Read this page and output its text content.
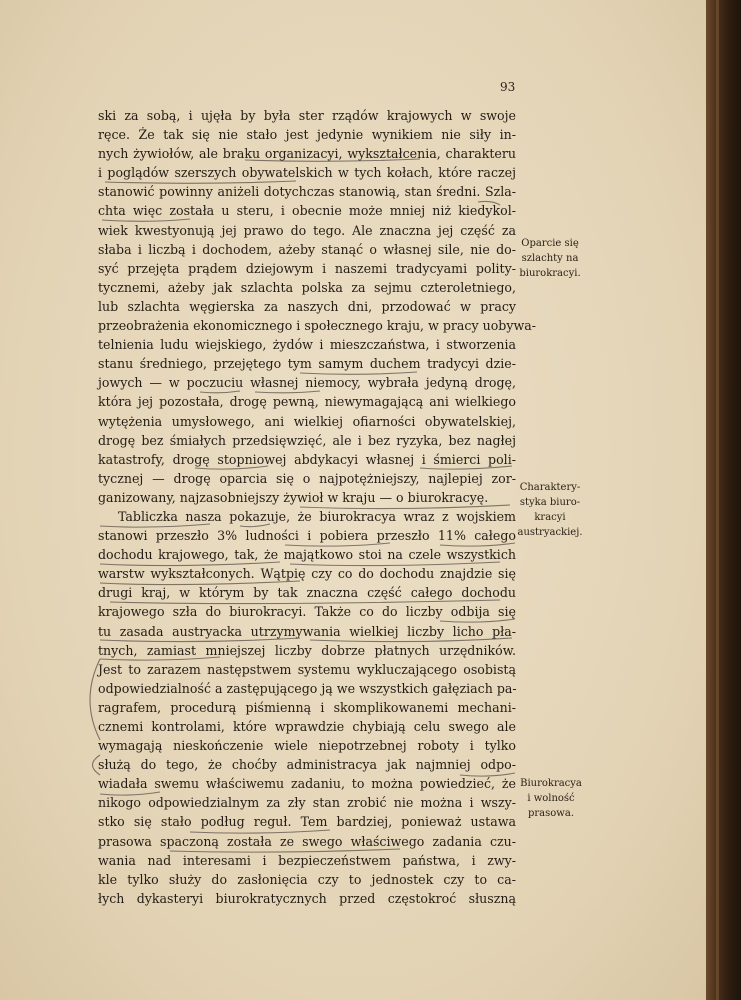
93
ski za sobą, i ujęła by była ster rządów krajowych w swoje
ręce. Że tak się nie stało jest jedynie wynikiem nie siły in-
nych żywiołów, ale braku organizacyi, wykształcenia, charakteru
i poglądów szerszych obywatelskich w tych kołach, które raczej
stanowić powinny aniżeli dotychczas stanowią, stan średni. Szla-
chta więc została u steru, i obecnie może mniej niż kiedykol-
wiek kwestyonują jej prawo do tego. Ale znaczna jej część za
słaba i liczbą i dochodem, ażeby stanąć o własnej sile, nie do-
syć przejęta prądem dziejowym i naszemi tradycyami polity-
tycznemi, ażeby jak szlachta polska za sejmu czteroletniego,
lub szlachta węgierska za naszych dni, przodować w pracy
przeobrażenia ekonomicznego i społecznego kraju, w pracy uobywa-
telnienia ludu wiejskiego, żydów i mieszczaństwa, i stworzenia
stanu średniego, przejętego tym samym duchem tradycyi dzie-
jowych — w poczuciu własnej niemocy, wybrała jedyną drogę,
która jej pozostała, drogę pewną, niewymagającą ani wielkiego
wytężenia umysłowego, ani wielkiej ofiarności obywatelskiej,
drogę bez śmiałych przedsięwzięć, ale i bez ryzyka, bez nagłej
katastrofy, drogę stopniowej abdykacyi własnej i śmierci poli-
tycznej — drogę oparcia się o najpotężniejszy, najlepiej zor-
ganizowany, najzasobniejszy żywioł w kraju — o biurokracyę.
Tabliczka nasza pokazuje, że biurokracya wraz z wojskiem
stanowi przeszło 3% ludności i pobiera przeszło 11% całego
dochodu krajowego, tak, że majątkowo stoi na czele wszystkich
warstw wykształconych. Wątpię czy co do dochodu znajdzie się
drugi kraj, w którym by tak znaczna część całego dochodu
krajowego szła do biurokracyi. Także co do liczby odbija się
tu zasada austryacka utrzymywania wielkiej liczby licho pła-
tnych, zamiast mniejszej liczby dobrze płatnych urzędników.
Jest to zarazem następstwem systemu wykluczającego osobistą
odpowiedzialność a zastępującego ją we wszystkich gałęziach pa-
ragrafem, procedurą piśmienną i skomplikowanemi mechani-
cznemi kontrolami, które wprawdzie chybiają celu swego ale
wymagają nieskończenie wiele niepotrzebnej roboty i tylko
służą do tego, że choćby administracya jak najmniej odpo-
wiadała swemu właściwemu zadaniu, to można powiedzieć, że
nikogo odpowiedzialnym za zły stan zrobić nie można i wszy-
stko się stało podług reguł. Tem bardziej, ponieważ ustawa
prasowa spaczoną została ze swego właściwego zadania czu-
wania nad interesami i bezpieczeństwem państwa, i zwy-
kle tylko służy do zasłonięcia czy to jednostek czy to ca-
łych dykasteryi biurokratycznych przed częstokroć słuszną
Oparcie się
szlachty na
biurokracyi.
Charaktery-
styka biuro-
kracyi
austryackiej.
Biurokracya
i wolność
prasowa.
